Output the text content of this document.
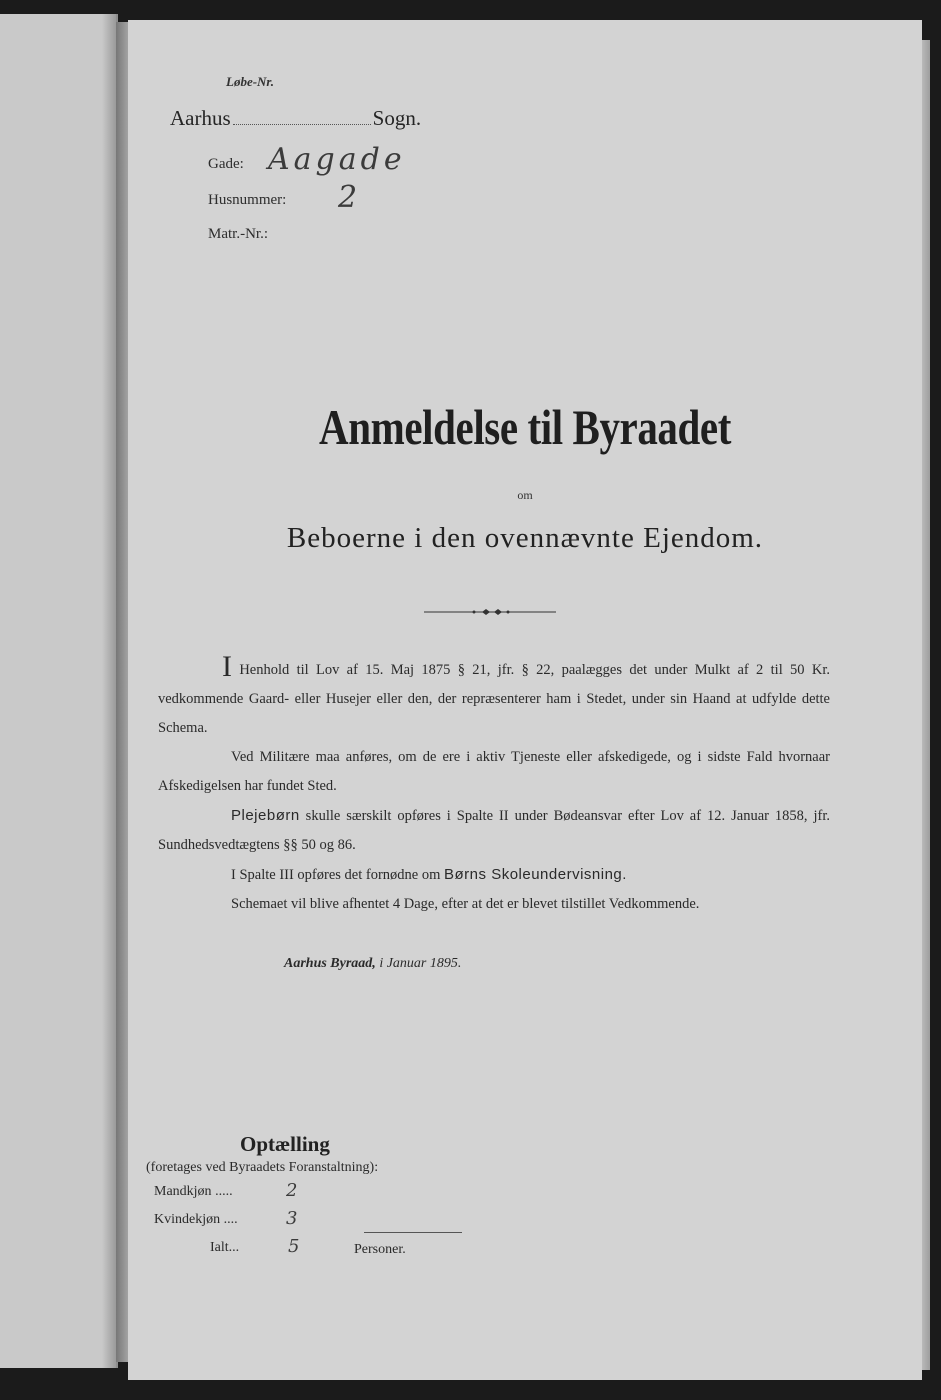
Løbe-Nr.
Aarhus	Sogn.
Gade: Aagade
Husnummer: 2
Matr.-Nr.:
Anmeldelse til Byraadet
om
Beboerne i den ovennævnte Ejendom.

I Henhold til Lov af 15. Maj 1875 § 21, jfr. § 22, paalægges det under Mulkt af 2 til 50 Kr. vedkommende Gaard- eller Husejer eller den, der repræsenterer ham i Stedet, under sin Haand at udfylde dette Schema.

Ved Militære maa anføres, om de ere i aktiv Tjeneste eller afskedigede, og i sidste Fald hvornaar Afskedigelsen har fundet Sted.

Plejebørn skulle særskilt opføres i Spalte II under Bødeansvar efter Lov af 12. Januar 1858, jfr. Sundhedsvedtægtens §§ 50 og 86.

I Spalte III opføres det fornødne om Børns Skoleundervisning.

Schemaet vil blive afhentet 4 Dage, efter at det er blevet tilstillet Vedkommende.

Aarhus Byraad, i Januar 1895.
Optælling
(foretages ved Byraadets Foranstaltning):
Mandkjøn .....	2
Kvindekjøn ....	3
Ialt...	5	Personer.
